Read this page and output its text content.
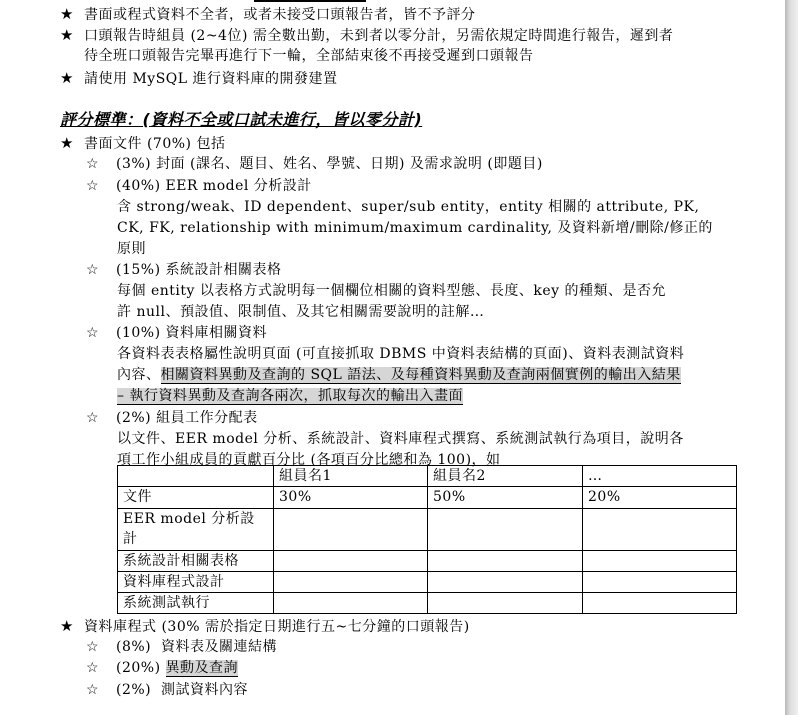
★ 書面或程式資料不全者，或者未接受口頭報告者，皆不予評分
★ 口頭報告時組員 (2~4位) 需全數出勤，未到者以零分計，另需依規定時間進行報告，遲到者
待全班口頭報告完畢再進行下一輪，全部結束後不再接受遲到口頭報告
★ 請使用 MySQL 進行資料庫的開發建置
評分標準：(資料不全或口試未進行，皆以零分計)
★ 書面文件 (70%) 包括
☆ (3%) 封面 (課名、題目、姓名、學號、日期) 及需求說明 (即題目)
☆ (40%) EER model 分析設計
含 strong/weak、ID dependent、super/sub entity，entity 相關的 attribute, PK,
CK, FK, relationship with minimum/maximum cardinality, 及資料新增/刪除/修正的
原則
☆ (15%) 系統設計相關表格
每個 entity 以表格方式說明每一個欄位相關的資料型態、長度、key 的種類、是否允
許 null、預設值、限制值、及其它相關需要說明的註解…
☆ (10%) 資料庫相關資料
各資料表表格屬性說明頁面 (可直接抓取 DBMS 中資料表結構的頁面)、資料表測試資料
內容、相關資料異動及查詢的 SQL 語法、及每種資料異動及查詢兩個實例的輸出入結果
– 執行資料異動及查詢各兩次，抓取每次的輸出入畫面
☆ (2%) 組員工作分配表
以文件、EER model 分析、系統設計、資料庫程式撰寫、系統測試執行為項目，說明各
項工作小組成員的貢獻百分比 (各項百分比總和為 100)，如
	組員名1	組員名2	…
文件	30%	50%	20%
EER model 分析設計			
系統設計相關表格			
資料庫程式設計			
系統測試執行			
★ 資料庫程式 (30% 需於指定日期進行五~七分鐘的口頭報告)
☆ (8%) 資料表及關連結構
☆ (20%) 異動及查詢
☆ (2%) 測試資料內容
